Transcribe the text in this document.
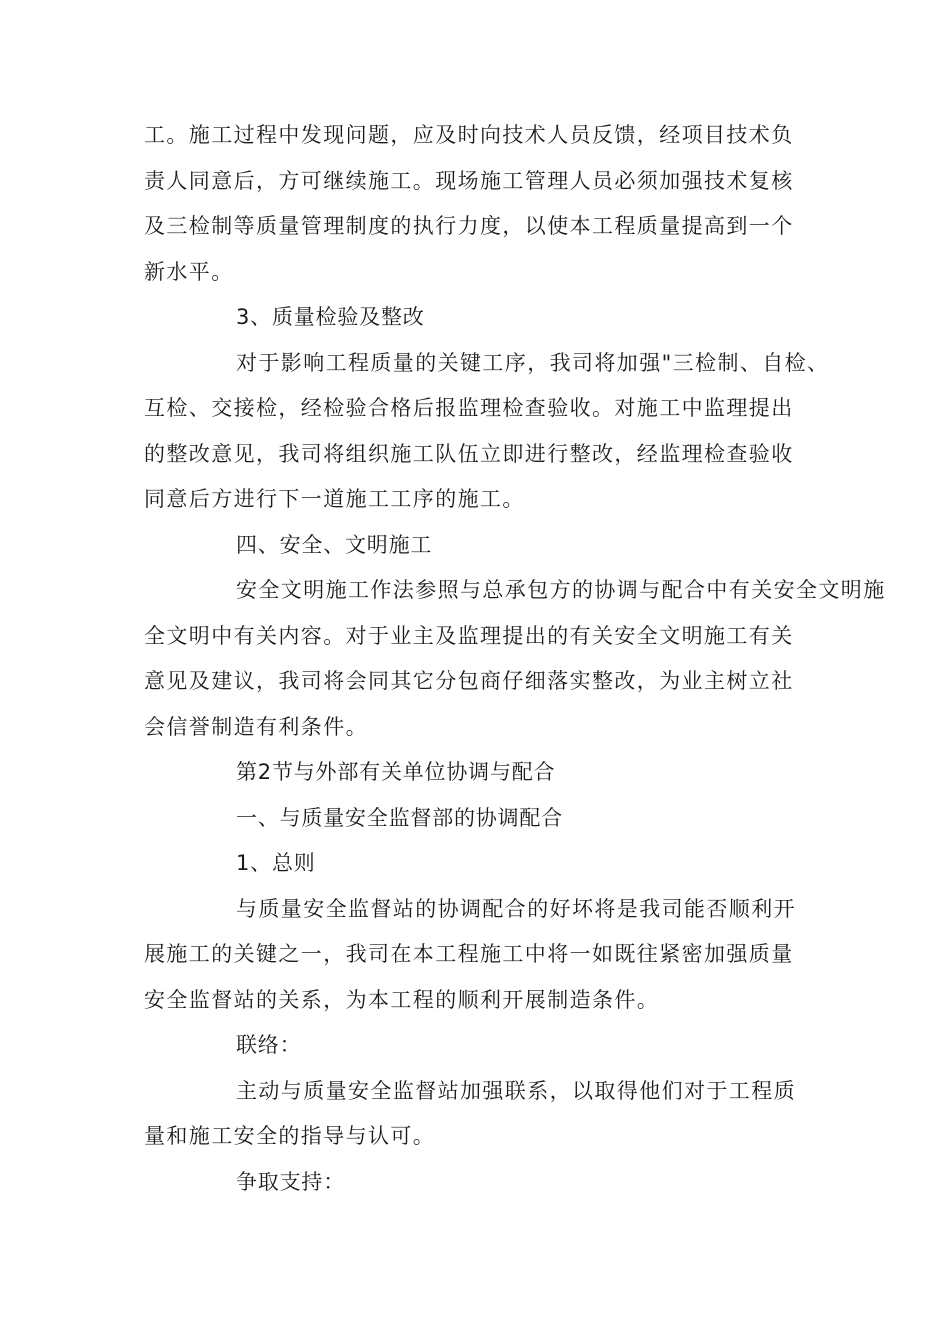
工。施工过程中发现问题，应及时向技术人员反馈，经项目技术负
责人同意后，方可继续施工。现场施工管理人员必须加强技术复核
及三检制等质量管理制度的执行力度，以使本工程质量提高到一个
新水平。
3、质量检验及整改
对于影响工程质量的关键工序，我司将加强"三检制、自检、
互检、交接检，经检验合格后报监理检查验收。对施工中监理提出
的整改意见，我司将组织施工队伍立即进行整改，经监理检查验收
同意后方进行下一道施工工序的施工。
四、安全、文明施工
安全文明施工作法参照与总承包方的协调与配合中有关安全文明施
全文明中有关内容。对于业主及监理提出的有关安全文明施工有关
意见及建议，我司将会同其它分包商仔细落实整改，为业主树立社
会信誉制造有利条件。
第2节与外部有关单位协调与配合
一、与质量安全监督部的协调配合
1、总则
与质量安全监督站的协调配合的好坏将是我司能否顺利开
展施工的关键之一，我司在本工程施工中将一如既往紧密加强质量
安全监督站的关系，为本工程的顺利开展制造条件。
联络：
主动与质量安全监督站加强联系，以取得他们对于工程质
量和施工安全的指导与认可。
争取支持：
